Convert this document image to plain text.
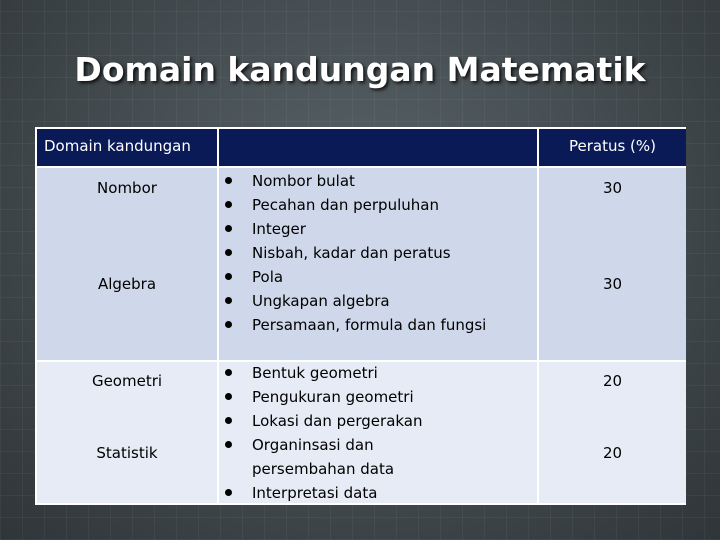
Domain kandungan Matematik
Domain kandungan	Peratus (%)
Nombor
Algebra
30
30
Nombor bulat
Pecahan dan perpuluhan
Integer
Nisbah, kadar dan peratus
Pola
Ungkapan algebra
Persamaan, formula dan fungsi
Geometri
Statistik
20
20
Bentuk geometri
Pengukuran geometri
Lokasi dan pergerakan
Organinsasi dan persembahan data
Interpretasi data
